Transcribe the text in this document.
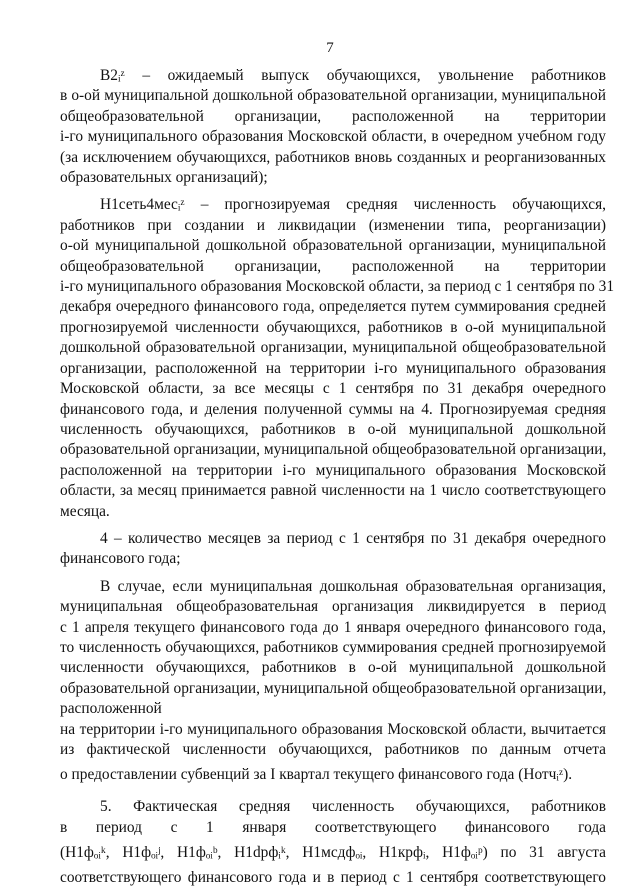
7
B2ᵢᶻ – ожидаемый выпуск обучающихся, увольнение работников
в о-ой муниципальной дошкольной образовательной организации, муниципальной
общеобразовательной организации, расположенной на территории
i-го муниципального образования Московской области, в очередном учебном году
(за исключением обучающихся, работников вновь созданных и реорганизованных
образовательных организаций);
H1сеть4месᵢᶻ – прогнозируемая средняя численность обучающихся,
работников при создании и ликвидации (изменении типа, реорганизации)
о-ой муниципальной дошкольной образовательной организации, муниципальной
общеобразовательной организации, расположенной на территории
i-го муниципального образования Московской области, за период с 1 сентября по 31
декабря очередного финансового года, определяется путем суммирования средней
прогнозируемой численности обучающихся, работников в о-ой муниципальной
дошкольной образовательной организации, муниципальной общеобразовательной
организации, расположенной на территории i-го муниципального образования
Московской области, за все месяцы с 1 сентября по 31 декабря очередного
финансового года, и деления полученной суммы на 4. Прогнозируемая средняя
численность обучающихся, работников в о-ой муниципальной дошкольной
образовательной организации, муниципальной общеобразовательной организации,
расположенной на территории i-го муниципального образования Московской
области, за месяц принимается равной численности на 1 число соответствующего
месяца.
4 – количество месяцев за период с 1 сентября по 31 декабря очередного
финансового года;
В случае, если муниципальная дошкольная образовательная организация,
муниципальная общеобразовательная организация ликвидируется в период
с 1 апреля текущего финансового года до 1 января очередного финансового года,
то численность обучающихся, работников суммирования средней прогнозируемой
численности обучающихся, работников в о-ой муниципальной дошкольной
образовательной организации, муниципальной общеобразовательной организации,
расположенной
на территории i-го муниципального образования Московской области, вычитается
из фактической численности обучающихся, работников по данным отчета
о предоставлении субвенций за I квартал текущего финансового года (Hотчᵢᶻ).
5. Фактическая средняя численность обучающихся, работников
в период с 1 января соответствующего финансового года
(H1фₒᵢᵏ, H1фₒᵢʲ, H1фₒᵢᵇ, H1dрфᵢᵏ, H1мсдфₒᵢ, H1крфᵢ, H1фₒᵢᵖ) по 31 августа
соответствующего финансового года и в период с 1 сентября соответствующего
